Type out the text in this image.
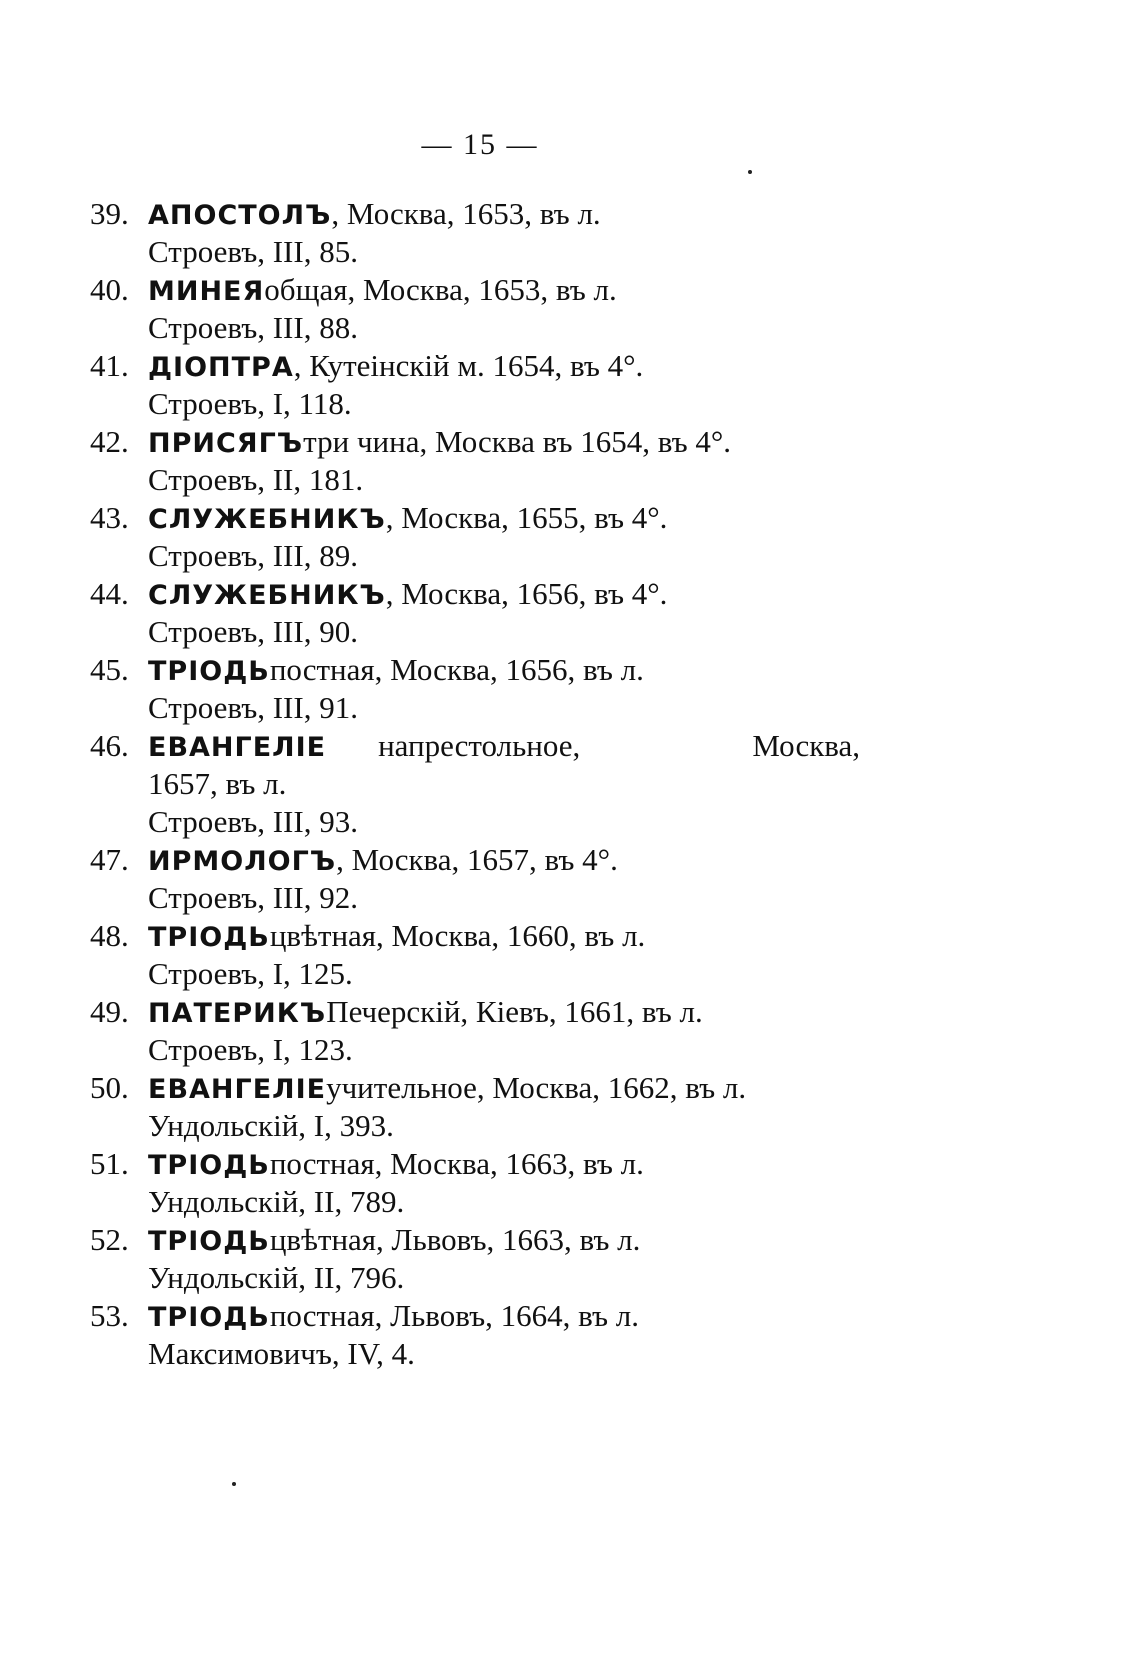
— 15 —
39. АПОСТОЛЪ , Москва, 1653, въ л.
Строевъ, III, 85.
40. МИНЕЯ общая, Москва, 1653, въ л.
Строевъ, III, 88.
41. ДІОПТРА , Кутеінскій м. 1654, въ 4°.
Строевъ, I, 118.
42. ПРИСЯГЪ три чина, Москва въ 1654, въ 4°.
Строевъ, II, 181.
43. СЛУЖЕБНИКЪ , Москва, 1655, въ 4°.
Строевъ, III, 89.
44. СЛУЖЕБНИКЪ , Москва, 1656, въ 4°.
Строевъ, III, 90.
45. ТРІОДЬ постная, Москва, 1656, въ л.
Строевъ, III, 91.
46. ЕВАНГЕЛІЕ напрестольное,	Москва,
1657, въ л.
Строевъ, III, 93.
47. ИРМОЛОГЪ , Москва, 1657, въ 4°.
Строевъ, III, 92.
48. ТРІОДЬ цвѣтная, Москва, 1660, въ л.
Строевъ, I, 125.
49. ПАТЕРИКЪ Печерскій, Кіевъ, 1661, въ л.
Строевъ, I, 123.
50. ЕВАНГЕЛІЕ учительное, Москва, 1662, въ л.
Ундольскій, I, 393.
51. ТРІОДЬ постная, Москва, 1663, въ л.
Ундольскій, II, 789.
52. ТРІОДЬ цвѣтная, Львовъ, 1663, въ л.
Ундольскій, II, 796.
53. ТРІОДЬ постная, Львовъ, 1664, въ л.
Максимовичъ, IV, 4.
